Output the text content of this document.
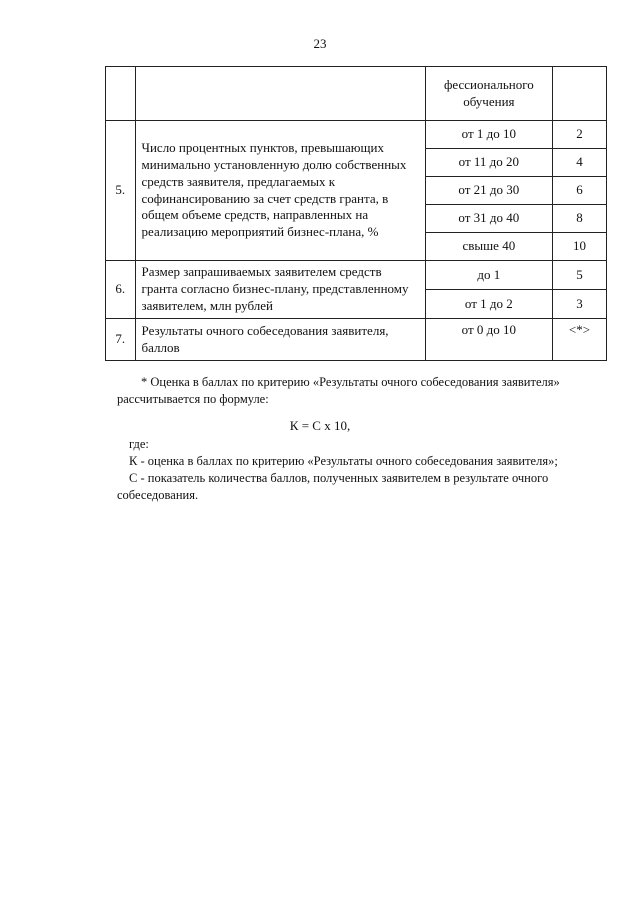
23
		фессионального обучения	
5.	Число процентных пунктов, превышающих минимально установленную долю собственных средств заявителя, предлагаемых к софинансированию за счет средств гранта, в общем объеме средств, направленных на реализацию мероприятий бизнес-плана, %	от 1 до 10	2
		от 11 до 20	4
		от 21 до 30	6
		от 31 до 40	8
		свыше 40	10
6.	Размер запрашиваемых заявителем средств гранта согласно бизнес-плану, представленному заявителем, млн рублей	до 1	5
		от 1 до 2	3
7.	Результаты очного собеседования заявителя, баллов	от 0 до 10	<*>

* Оценка в баллах по критерию «Результаты очного собеседования заявителя» рассчитывается по формуле:

К = С х 10,

где:

К - оценка в баллах по критерию «Результаты очного собеседования заявителя»;

С - показатель количества баллов, полученных заявителем в результате очного собеседования.
